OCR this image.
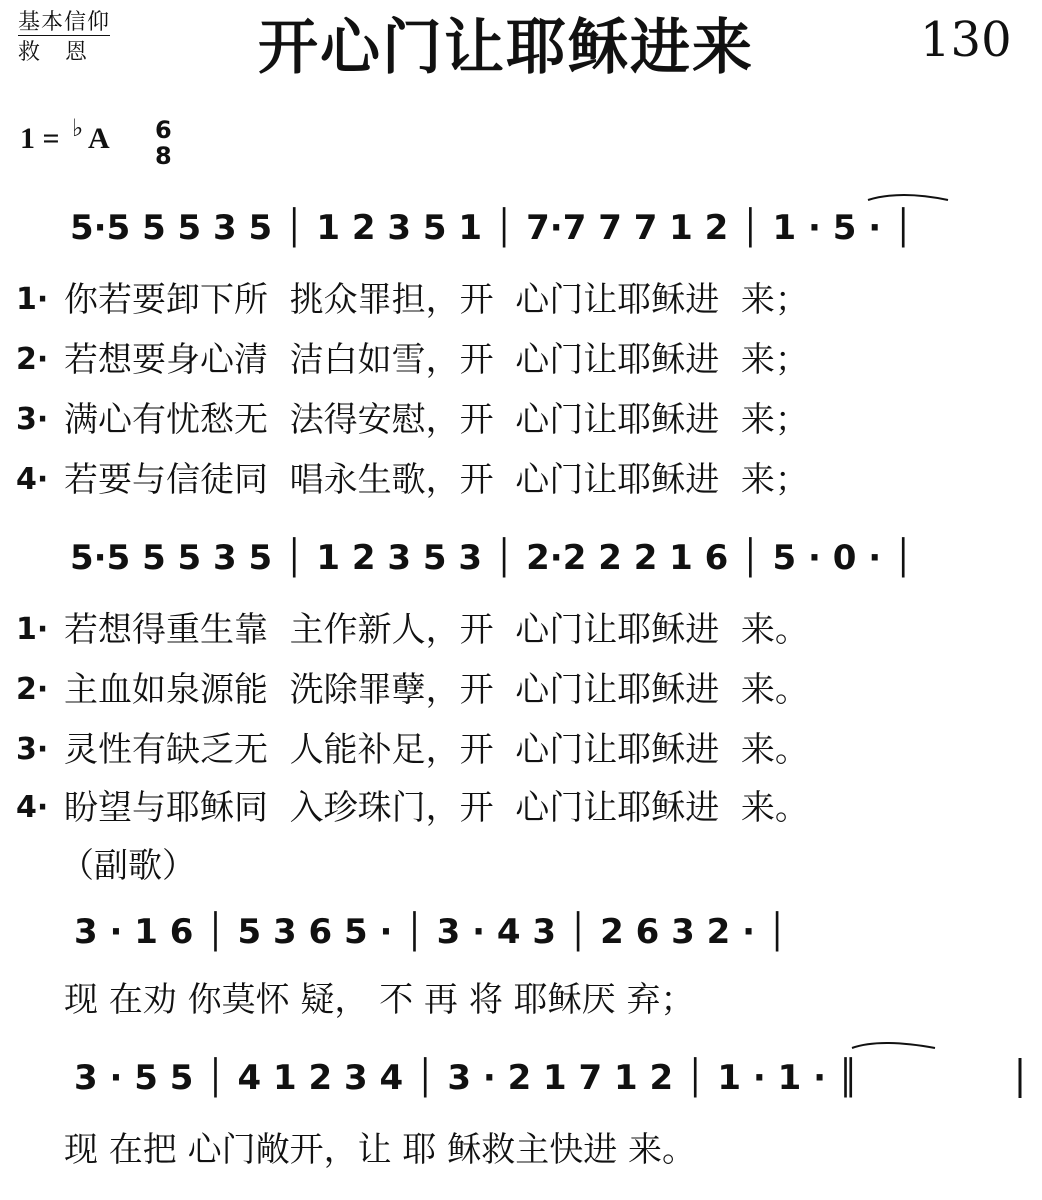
基本信仰
救 恩	开心门让耶稣进来	130
1 = ♭ A 6
8
5·5 5 5 3 5 │ 1 2 3 5 1 │ 7·7 7 7 1 2 │ 1 · 5 · │
1· 你若要卸下所  挑众罪担，开  心门让耶稣进  来；
2· 若想要身心清  洁白如雪，开  心门让耶稣进  来；
3· 满心有忧愁无  法得安慰，开  心门让耶稣进  来；
4· 若要与信徒同  唱永生歌，开  心门让耶稣进  来；
5·5 5 5 3 5 │ 1 2 3 5 3 │ 2·2 2 2 1 6 │ 5 · 0 · │
1· 若想得重生靠  主作新人，开  心门让耶稣进  来。
2· 主血如泉源能  洗除罪孽，开  心门让耶稣进  来。
3· 灵性有缺乏无  人能补足，开  心门让耶稣进  来。
4· 盼望与耶稣同  入珍珠门，开  心门让耶稣进  来。
（副歌）
3 · 1 6 │ 5 3 6 5 · │ 3 · 4 3 │ 2 6 3 2 · │
现 在劝 你莫怀 疑， 不 再 将 耶稣厌 弃；
3 · 5 5 │ 4 1 2 3 4 │ 3 · 2 1 7 1 2 │ 1 · 1 · ║
现 在把 心门敞开，让 耶 稣救主快进 来。
